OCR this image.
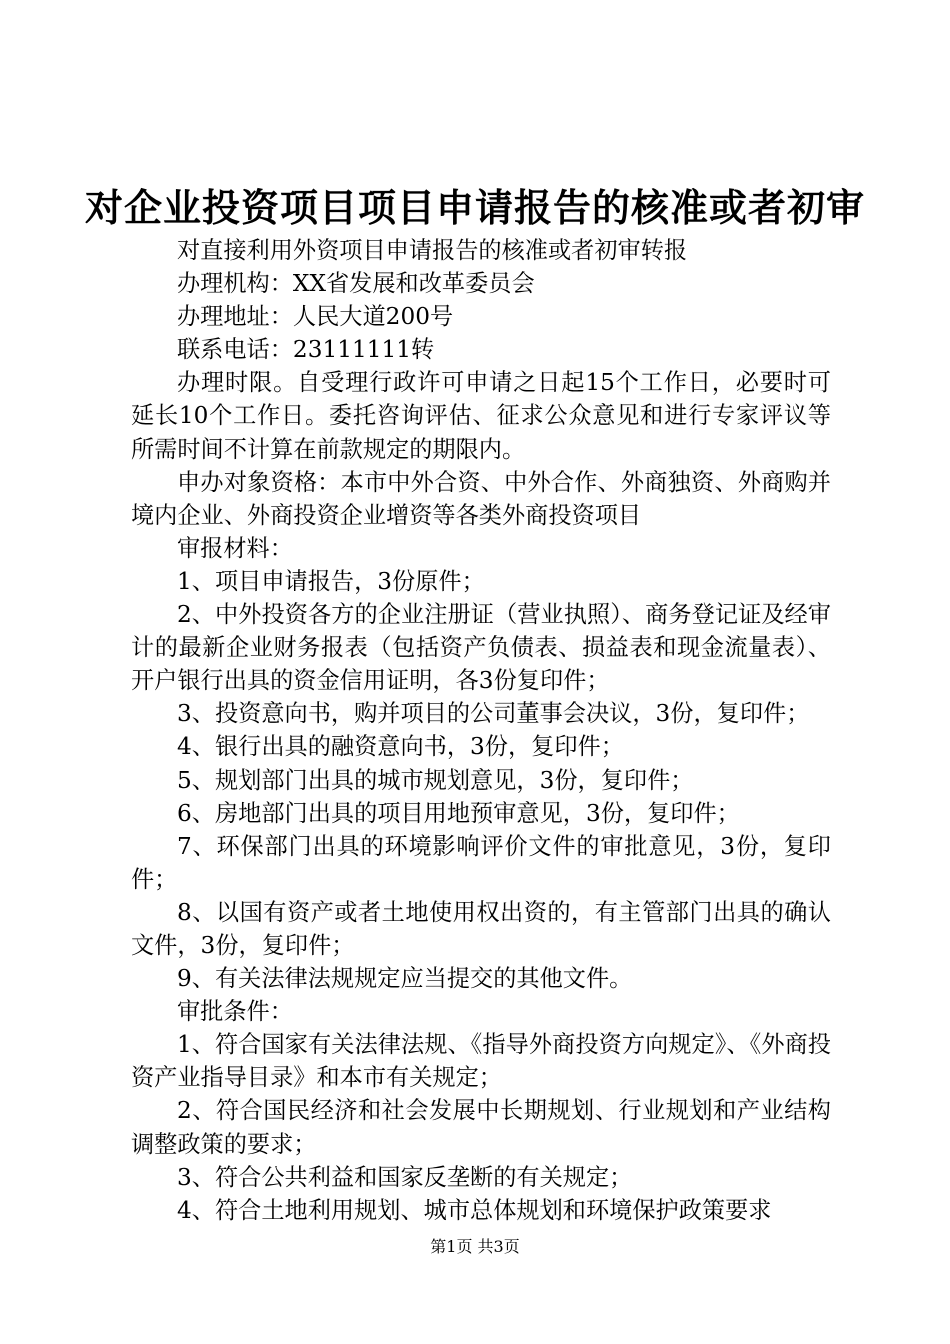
对企业投资项目项目申请报告的核准或者初审

对直接利用外资项目申请报告的核准或者初审转报

办理机构：XX省发展和改革委员会

办理地址：人民大道200号

联系电话：23111111转

办理时限。自受理行政许可申请之日起15个工作日，必要时可延长10个工作日。委托咨询评估、征求公众意见和进行专家评议等所需时间不计算在前款规定的期限内。

申办对象资格：本市中外合资、中外合作、外商独资、外商购并境内企业、外商投资企业增资等各类外商投资项目

审报材料：

1、项目申请报告，3份原件；

2、中外投资各方的企业注册证（营业执照）、商务登记证及经审计的最新企业财务报表（包括资产负债表、损益表和现金流量表）、开户银行出具的资金信用证明，各3份复印件；

3、投资意向书，购并项目的公司董事会决议，3份，复印件；

4、银行出具的融资意向书，3份，复印件；

5、规划部门出具的城市规划意见，3份，复印件；

6、房地部门出具的项目用地预审意见，3份，复印件；

7、环保部门出具的环境影响评价文件的审批意见，3份，复印件；

8、以国有资产或者土地使用权出资的，有主管部门出具的确认文件，3份，复印件；

9、有关法律法规规定应当提交的其他文件。

审批条件：

1、符合国家有关法律法规、《指导外商投资方向规定》、《外商投资产业指导目录》和本市有关规定；

2、符合国民经济和社会发展中长期规划、行业规划和产业结构调整政策的要求；

3、符合公共利益和国家反垄断的有关规定；

4、符合土地利用规划、城市总体规划和环境保护政策要求

第1页 共3页
